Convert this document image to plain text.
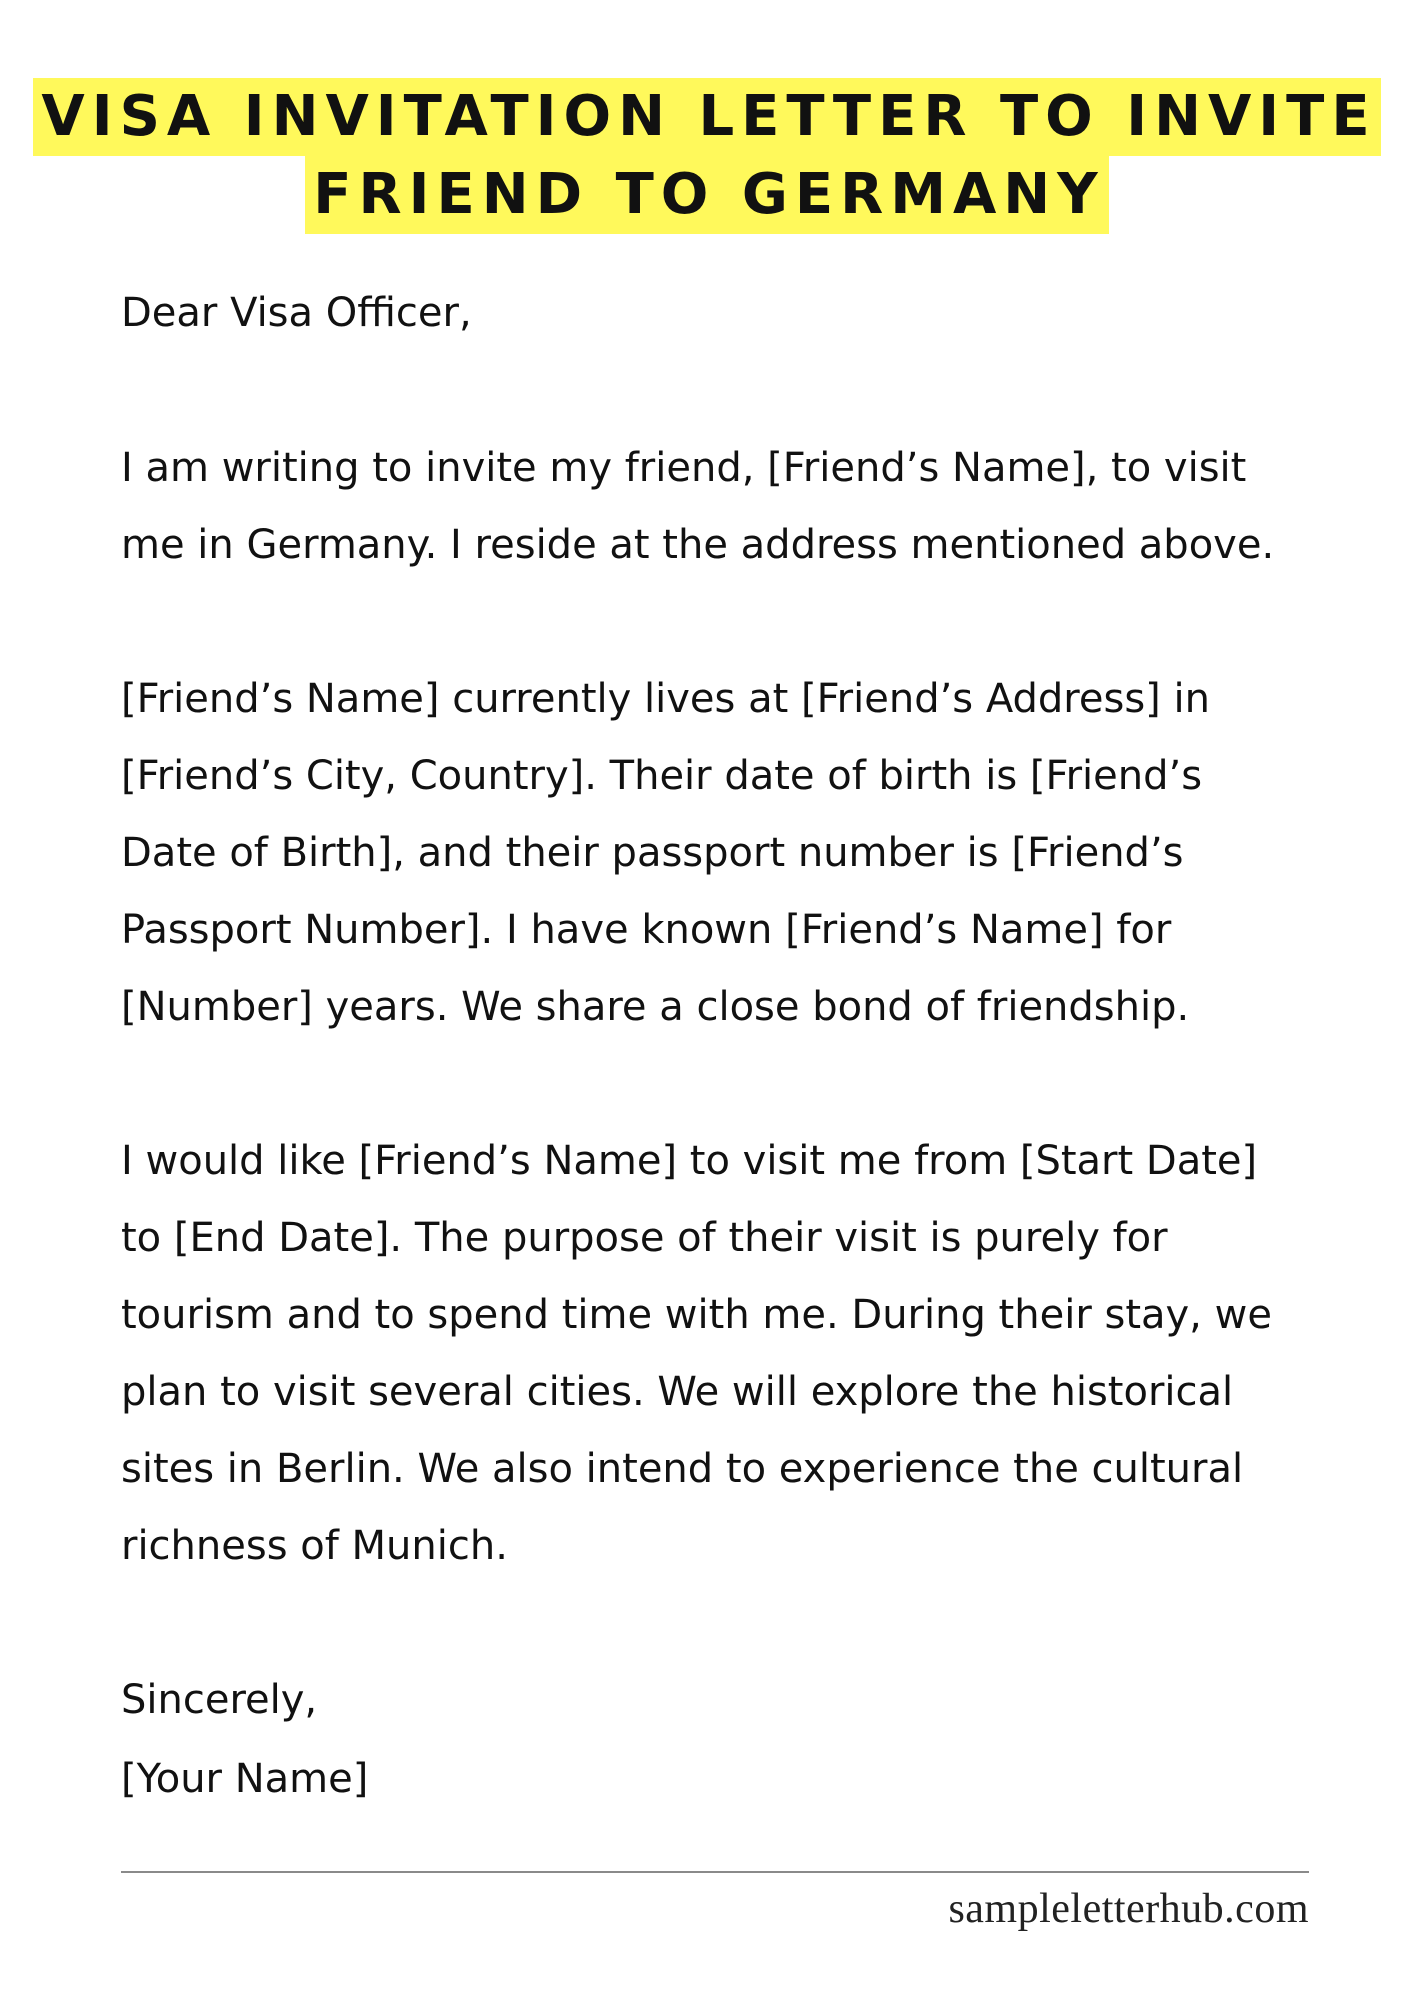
VISA INVITATION LETTER TO INVITE
FRIEND TO GERMANY

Dear Visa Officer,

I am writing to invite my friend, [Friend’s Name], to visit
me in Germany. I reside at the address mentioned above.

[Friend’s Name] currently lives at [Friend’s Address] in
[Friend’s City, Country]. Their date of birth is [Friend’s
Date of Birth], and their passport number is [Friend’s
Passport Number]. I have known [Friend’s Name] for
[Number] years. We share a close bond of friendship.

I would like [Friend’s Name] to visit me from [Start Date]
to [End Date]. The purpose of their visit is purely for
tourism and to spend time with me. During their stay, we
plan to visit several cities. We will explore the historical
sites in Berlin. We also intend to experience the cultural
richness of Munich.

Sincerely,

[Your Name]

sampleletterhub.com
